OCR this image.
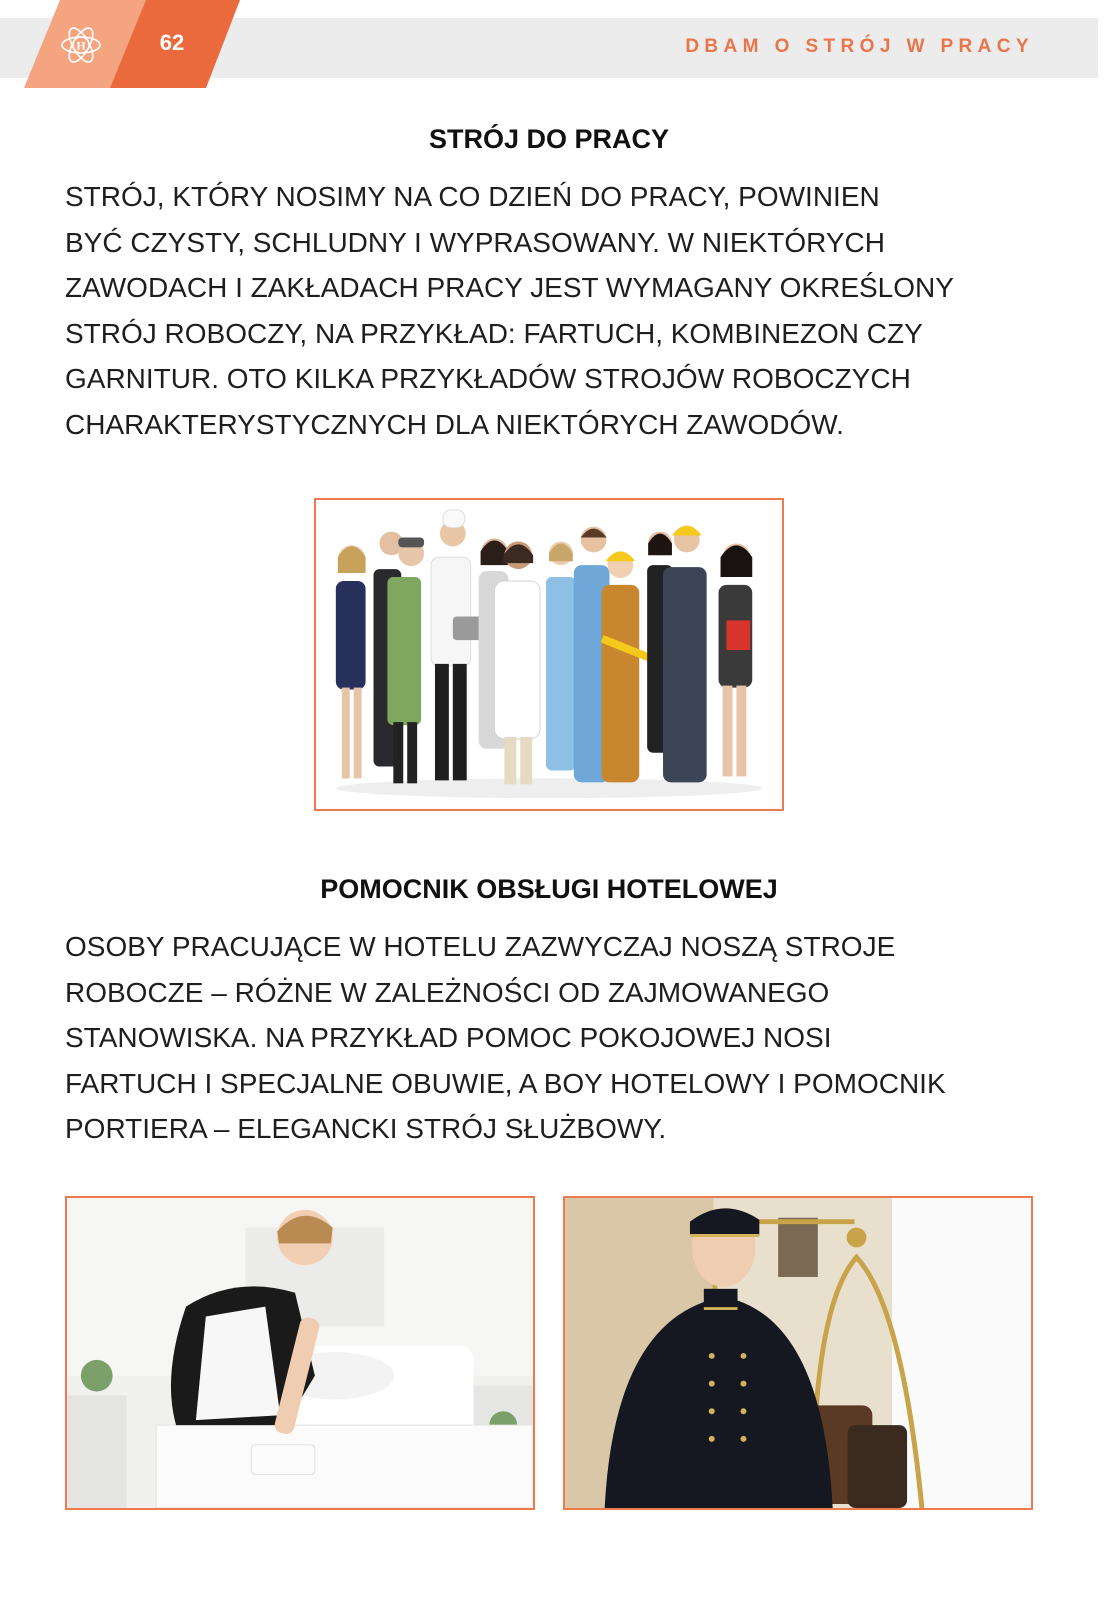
H	62	DBAM O STRÓJ W PRACY
STRÓJ DO PRACY

STRÓJ, KTÓRY NOSIMY NA CO DZIEŃ DO PRACY, POWINIEN
BYĆ CZYSTY, SCHLUDNY I WYPRASOWANY. W NIEKTÓRYCH
ZAWODACH I ZAKŁADACH PRACY JEST WYMAGANY OKREŚLONY
STRÓJ ROBOCZY, NA PRZYKŁAD: FARTUCH, KOMBINEZON CZY
GARNITUR. OTO KILKA PRZYKŁADÓW STROJÓW ROBOCZYCH
CHARAKTERYSTYCZNYCH DLA NIEKTÓRYCH ZAWODÓW.

POMOCNIK OBSŁUGI HOTELOWEJ

OSOBY PRACUJĄCE W HOTELU ZAZWYCZAJ NOSZĄ STROJE
ROBOCZE – RÓŻNE W ZALEŻNOŚCI OD ZAJMOWANEGO
STANOWISKA. NA PRZYKŁAD POMOC POKOJOWEJ NOSI
FARTUCH I SPECJALNE OBUWIE, A BOY HOTELOWY I POMOCNIK
PORTIERA – ELEGANCKI STRÓJ SŁUŻBOWY.
